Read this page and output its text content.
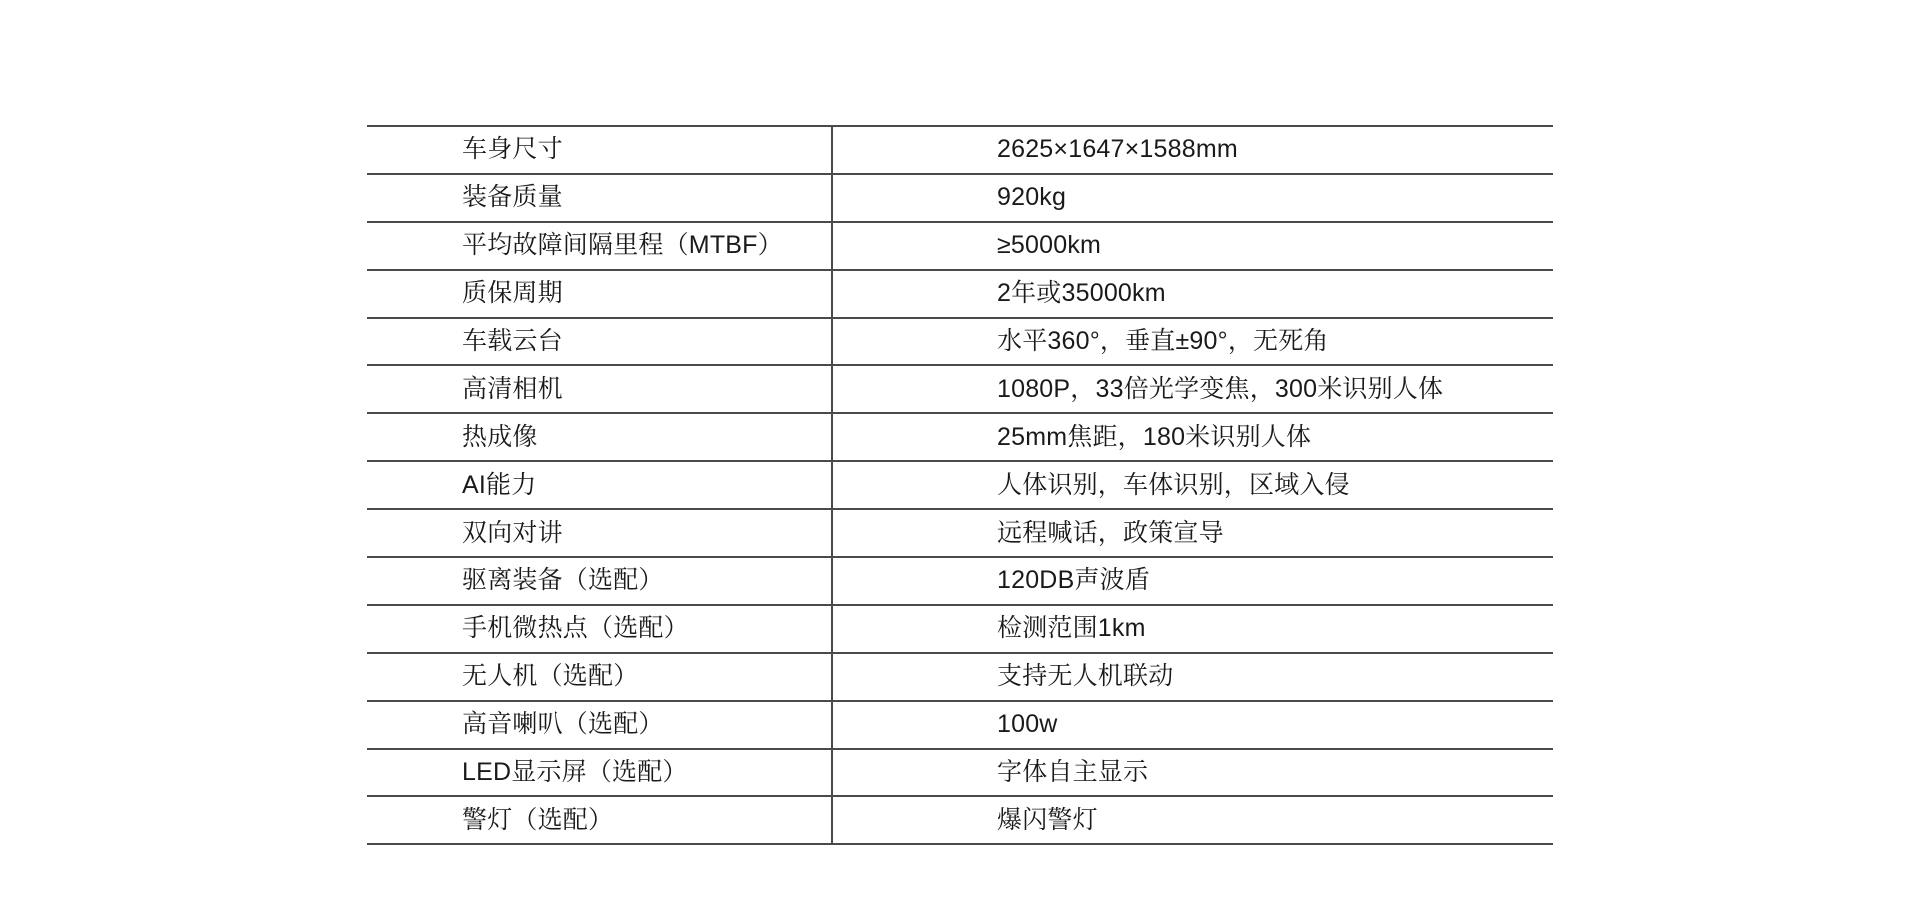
车身尺寸	2625×1647×1588mm
装备质量	920kg
平均故障间隔里程（MTBF）	≥5000km
质保周期	2年或35000km
车载云台	水平360°，垂直±90°，无死角
高清相机	1080P，33倍光学变焦，300米识别人体
热成像	25mm焦距，180米识别人体
AI能力	人体识别，车体识别，区域入侵
双向对讲	远程喊话，政策宣导
驱离装备（选配）	120DB声波盾
手机微热点（选配）	检测范围1km
无人机（选配）	支持无人机联动
高音喇叭（选配）	100w
LED显示屏（选配）	字体自主显示
警灯（选配）	爆闪警灯
